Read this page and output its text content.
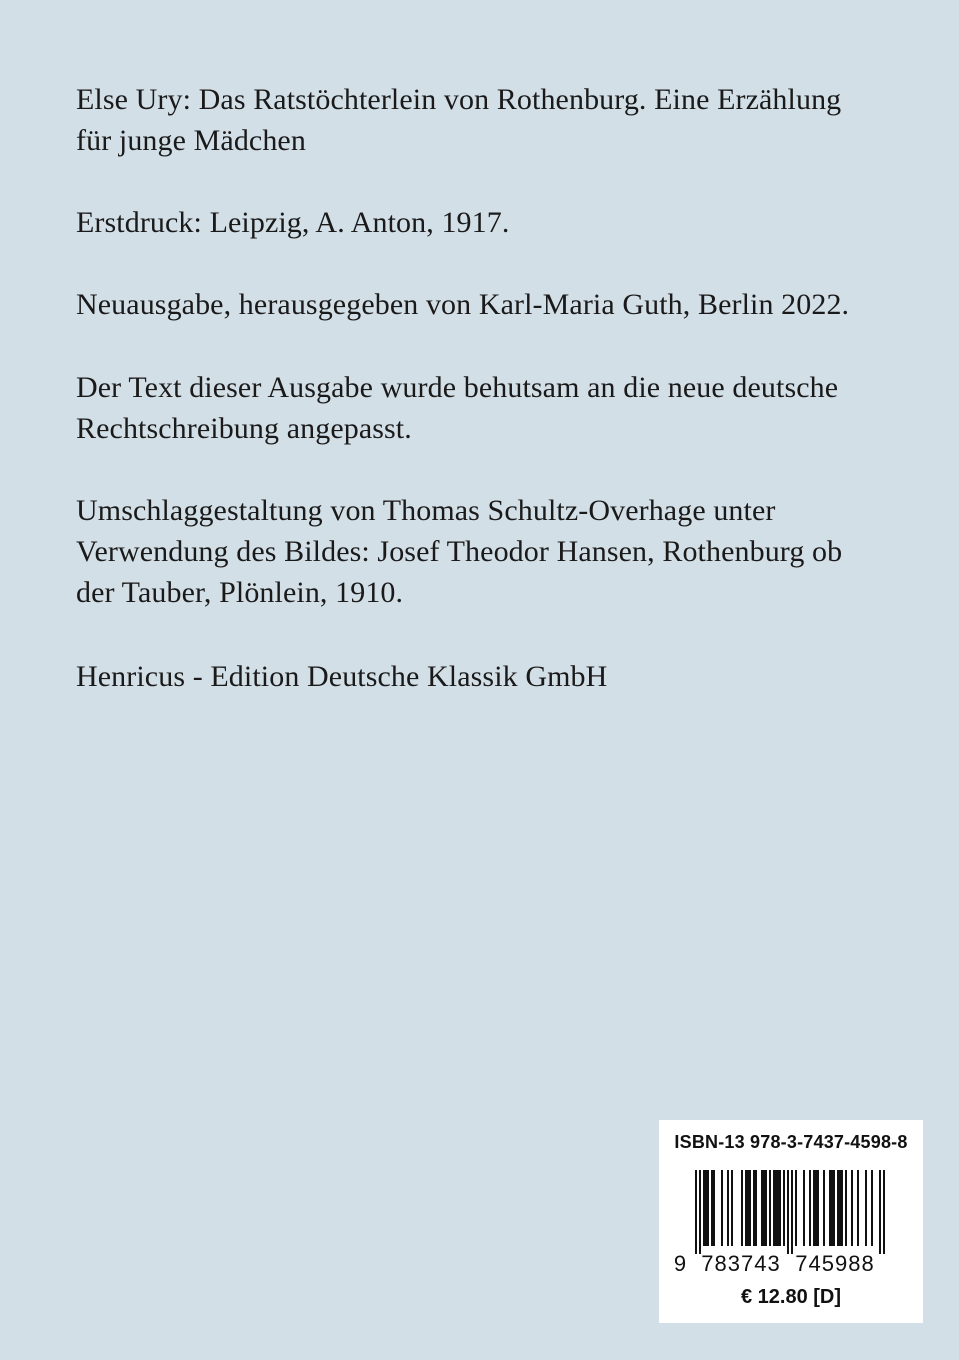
Else Ury: Das Ratstöchterlein von Rothenburg. Eine Erzählung
für junge Mädchen
Erstdruck: Leipzig, A. Anton, 1917.
Neuausgabe, herausgegeben von Karl-Maria Guth, Berlin 2022.
Der Text dieser Ausgabe wurde behutsam an die neue deutsche
Rechtschreibung angepasst.
Umschlaggestaltung von Thomas Schultz-Overhage unter
Verwendung des Bildes: Josef Theodor Hansen, Rothenburg ob
der Tauber, Plönlein, 1910.
Henricus - Edition Deutsche Klassik GmbH
ISBN-13 978-3-7437-4598-8
9 783743 745988
€ 12.80 [D]
